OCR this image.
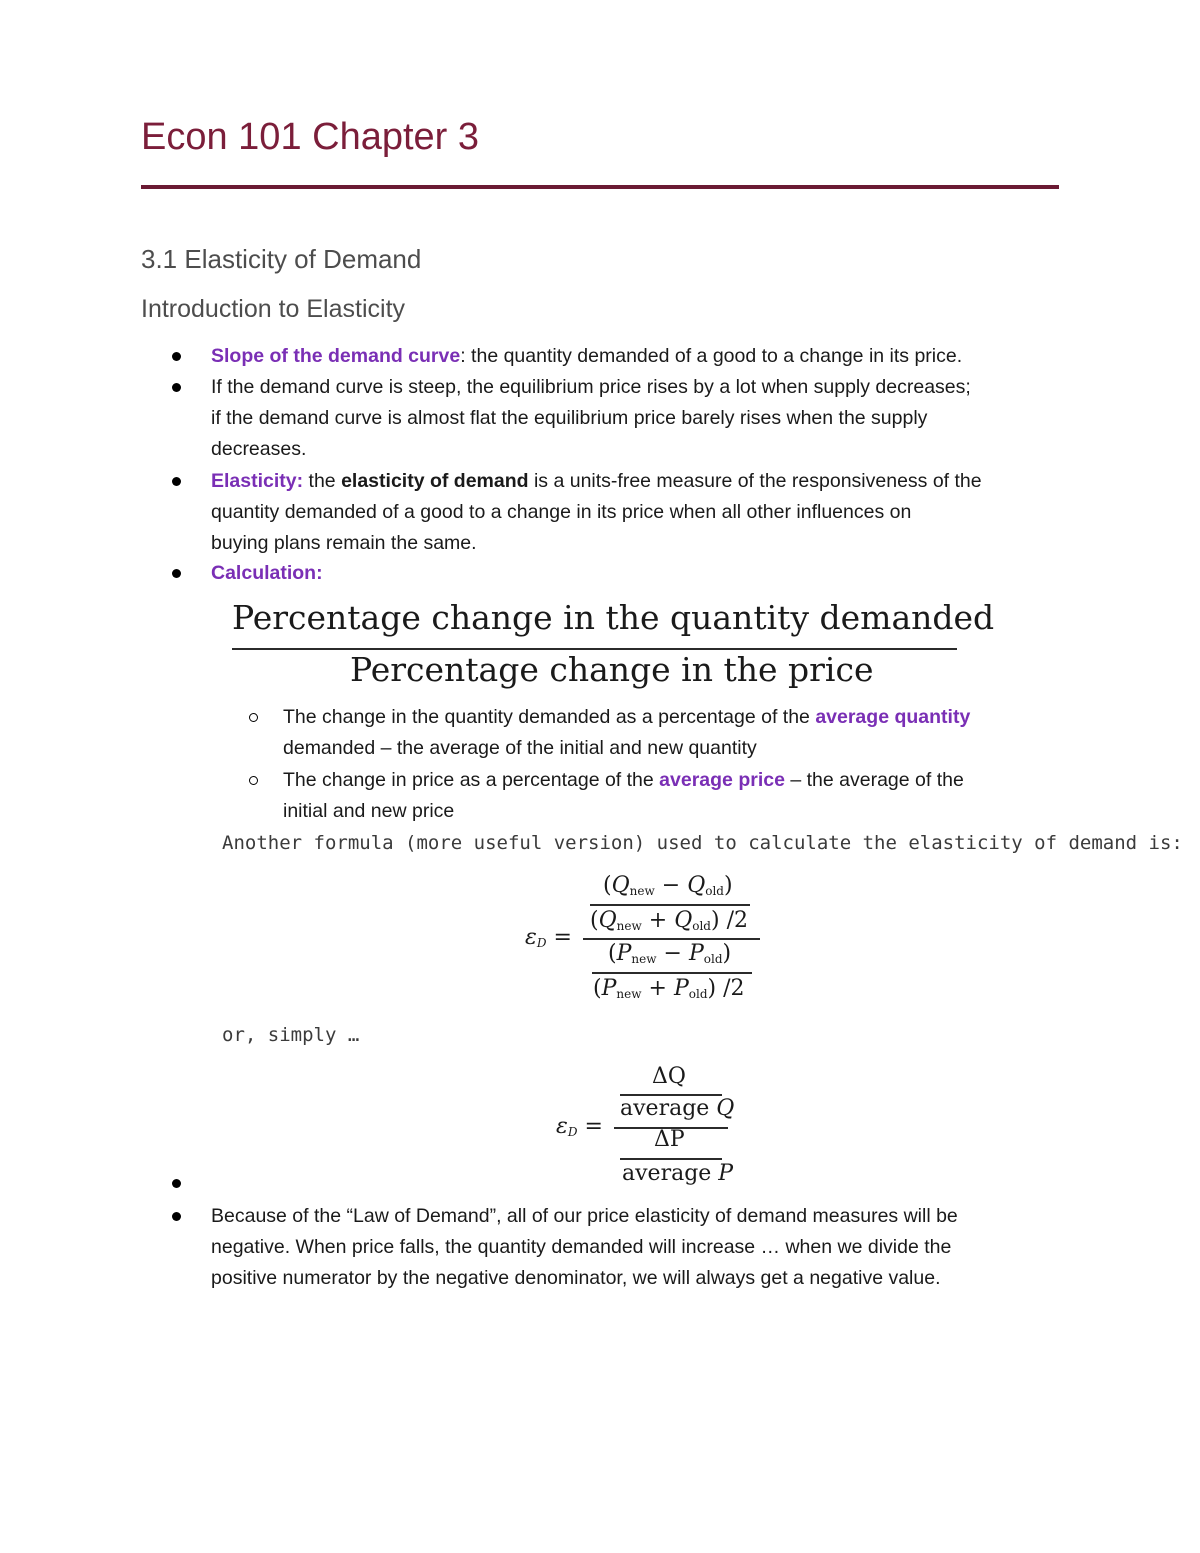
Econ 101 Chapter 3
3.1 Elasticity of Demand
Introduction to Elasticity
Slope of the demand curve: the quantity demanded of a good to a change in its price.
If the demand curve is steep, the equilibrium price rises by a lot when supply decreases;
if the demand curve is almost flat the equilibrium price barely rises when the supply
decreases.
Elasticity: the elasticity of demand is a units-free measure of the responsiveness of the
quantity demanded of a good to a change in its price when all other influences on
buying plans remain the same.
Calculation:
Percentage change in the quantity demanded
Percentage change in the price
The change in the quantity demanded as a percentage of the average quantity
demanded – the average of the initial and new quantity
The change in price as a percentage of the average price – the average of the
initial and new price
Another formula (more useful version) used to calculate the elasticity of demand is:
$\varepsilon_D$ =
$(Q_{new} - Q_{old})$
$(Q_{new} + Q_{old})$ /2
$(P_{new} - P_{old})$
$(P_{new} + P_{old})$ /2
or, simply …
$\varepsilon_D$ =
ΔQ
average Q
ΔP
average P
Because of the “Law of Demand”, all of our price elasticity of demand measures will be
negative. When price falls, the quantity demanded will increase … when we divide the
positive numerator by the negative denominator, we will always get a negative value.
